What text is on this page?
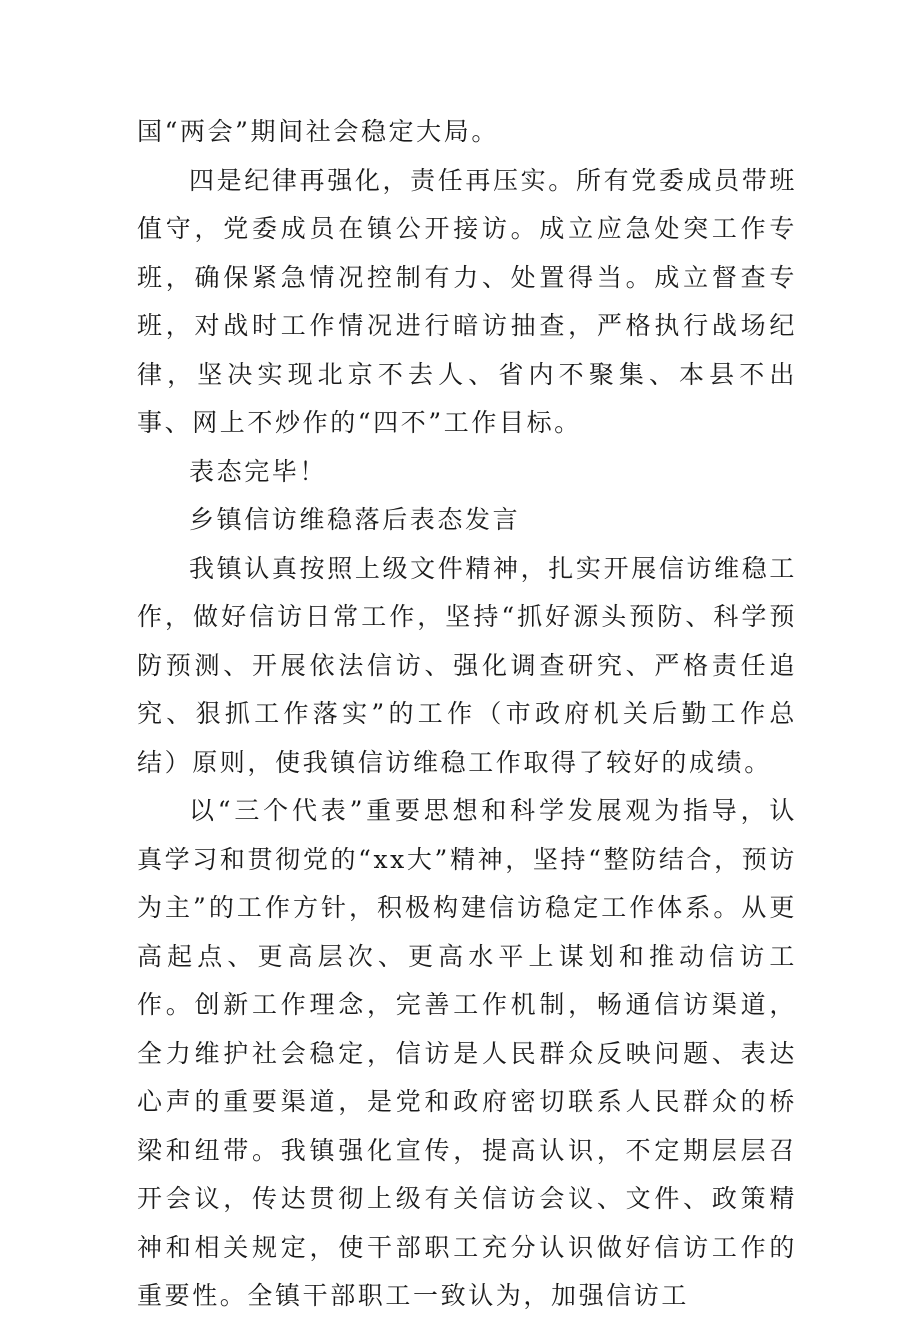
国“两会”期间社会稳定大局。

四是纪律再强化，责任再压实。所有党委成员带班值守，党委成员在镇公开接访。成立应急处突工作专班，确保紧急情况控制有力、处置得当。成立督查专班，对战时工作情况进行暗访抽查，严格执行战场纪律，坚决实现北京不去人、省内不聚集、本县不出事、网上不炒作的“四不”工作目标。

表态完毕！

乡镇信访维稳落后表态发言

我镇认真按照上级文件精神，扎实开展信访维稳工作，做好信访日常工作，坚持“抓好源头预防、科学预防预测、开展依法信访、强化调查研究、严格责任追究、狠抓工作落实”的工作（市政府机关后勤工作总结）原则，使我镇信访维稳工作取得了较好的成绩。

以“三个代表”重要思想和科学发展观为指导，认真学习和贯彻党的“xx大”精神，坚持“整防结合，预访为主”的工作方针，积极构建信访稳定工作体系。从更高起点、更高层次、更高水平上谋划和推动信访工作。创新工作理念，完善工作机制，畅通信访渠道，全力维护社会稳定，信访是人民群众反映问题、表达心声的重要渠道，是党和政府密切联系人民群众的桥梁和纽带。我镇强化宣传，提高认识，不定期层层召开会议，传达贯彻上级有关信访会议、文件、政策精神和相关规定，使干部职工充分认识做好信访工作的重要性。全镇干部职工一致认为，加强信访工
